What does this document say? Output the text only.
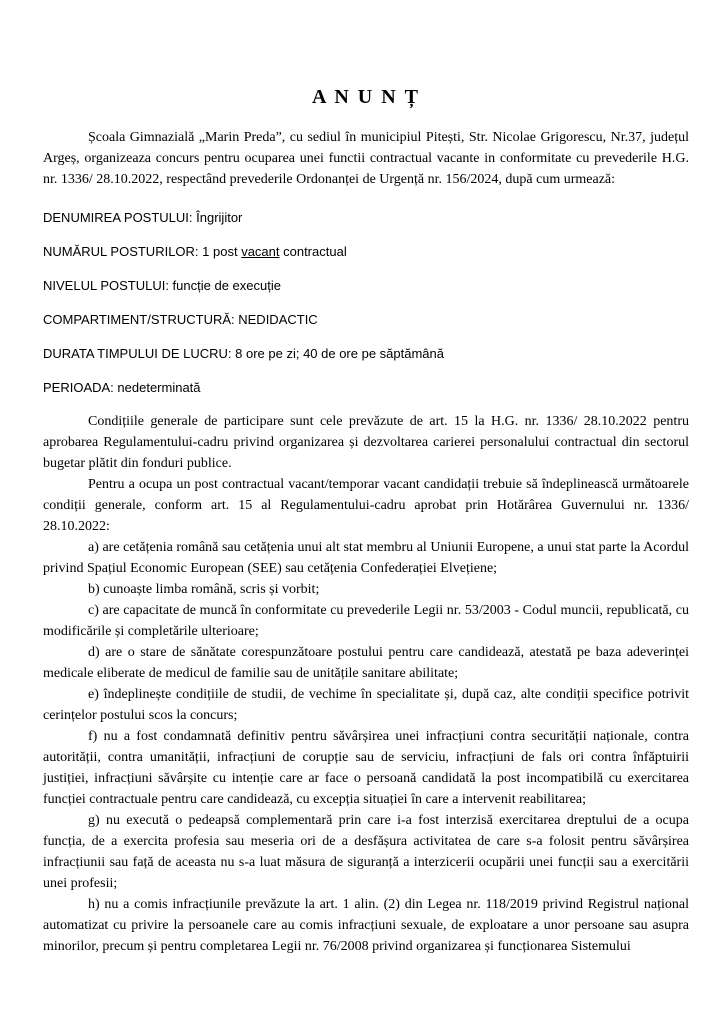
A N U N Ț

Școala Gimnazială „Marin Preda”, cu sediul în municipiul Pitești, Str. Nicolae Grigorescu, Nr.37, județul Argeș, organizeaza concurs pentru ocuparea unei functii contractual vacante in conformitate cu prevederile H.G. nr. 1336/ 28.10.2022, respectând prevederile Ordonanței de Urgență nr. 156/2024, după cum urmează:

DENUMIREA POSTULUI: Îngrijitor

NUMĂRUL POSTURILOR: 1 post vacant contractual

NIVELUL POSTULUI: funcție de execuție

COMPARTIMENT/STRUCTURĂ: NEDIDACTIC

DURATA TIMPULUI DE LUCRU: 8 ore pe zi; 40 de ore pe săptămână

PERIOADA: nedeterminată

Condițiile generale de participare sunt cele prevăzute de art. 15 la H.G. nr. 1336/ 28.10.2022 pentru aprobarea Regulamentului-cadru privind organizarea și dezvoltarea carierei personalului contractual din sectorul bugetar plătit din fonduri publice.

Pentru a ocupa un post contractual vacant/temporar vacant candidații trebuie să îndeplinească următoarele condiții generale, conform art. 15 al Regulamentului-cadru aprobat prin Hotărârea Guvernului nr. 1336/ 28.10.2022:

a) are cetățenia română sau cetățenia unui alt stat membru al Uniunii Europene, a unui stat parte la Acordul privind Spațiul Economic European (SEE) sau cetățenia Confederației Elvețiene;

b) cunoaște limba română, scris și vorbit;

c) are capacitate de muncă în conformitate cu prevederile Legii nr. 53/2003 - Codul muncii, republicată, cu modificările și completările ulterioare;

d) are o stare de sănătate corespunzătoare postului pentru care candidează, atestată pe baza adeverinței medicale eliberate de medicul de familie sau de unitățile sanitare abilitate;

e) îndeplinește condițiile de studii, de vechime în specialitate și, după caz, alte condiții specifice potrivit cerințelor postului scos la concurs;

f) nu a fost condamnată definitiv pentru săvârșirea unei infracțiuni contra securității naționale, contra autorității, contra umanității, infracțiuni de corupție sau de serviciu, infracțiuni de fals ori contra înfăptuirii justiției, infracțiuni săvârșite cu intenție care ar face o persoană candidată la post incompatibilă cu exercitarea funcției contractuale pentru care candidează, cu excepția situației în care a intervenit reabilitarea;

g) nu execută o pedeapsă complementară prin care i-a fost interzisă exercitarea dreptului de a ocupa funcția, de a exercita profesia sau meseria ori de a desfășura activitatea de care s-a folosit pentru săvârșirea infracțiunii sau față de aceasta nu s-a luat măsura de siguranță a interzicerii ocupării unei funcții sau a exercitării unei profesii;

h) nu a comis infracțiunile prevăzute la art. 1 alin. (2) din Legea nr. 118/2019 privind Registrul național automatizat cu privire la persoanele care au comis infracțiuni sexuale, de exploatare a unor persoane sau asupra minorilor, precum și pentru completarea Legii nr. 76/2008 privind organizarea și funcționarea Sistemului
